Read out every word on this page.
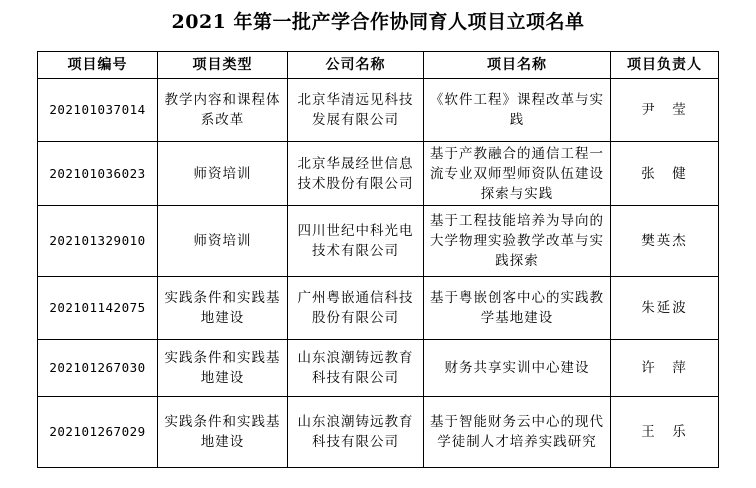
2021 年第一批产学合作协同育人项目立项名单
项目编号	项目类型	公司名称	项目名称	项目负责人
202101037014	教学内容和课程体系改革	北京华清远见科技发展有限公司	《软件工程》课程改革与实践	尹　莹
202101036023	师资培训	北京华晟经世信息技术股份有限公司	基于产教融合的通信工程一流专业双师型师资队伍建设探索与实践	张　健
202101329010	师资培训	四川世纪中科光电技术有限公司	基于工程技能培养为导向的大学物理实验教学改革与实践探索	樊英杰
202101142075	实践条件和实践基地建设	广州粤嵌通信科技股份有限公司	基于粤嵌创客中心的实践教学基地建设	朱延波
202101267030	实践条件和实践基地建设	山东浪潮铸远教育科技有限公司	财务共享实训中心建设	许　萍
202101267029	实践条件和实践基地建设	山东浪潮铸远教育科技有限公司	基于智能财务云中心的现代学徒制人才培养实践研究	王　乐
